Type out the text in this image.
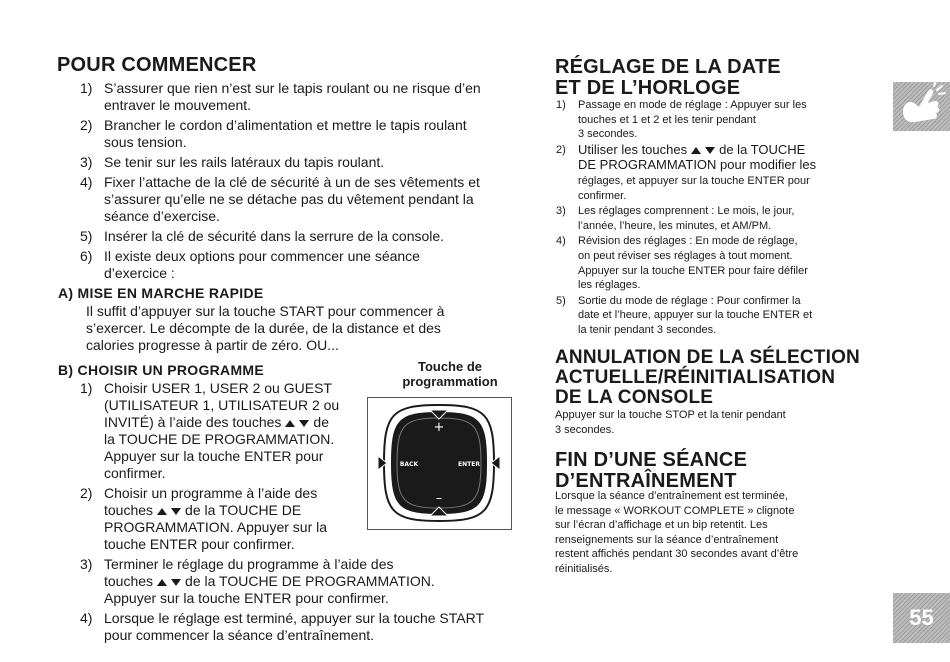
POUR COMMENCER
1) S’assurer que rien n’est sur le tapis roulant ou ne risque d’en
entraver le mouvement.
2) Brancher le cordon d’alimentation et mettre le tapis roulant
sous tension.
3) Se tenir sur les rails latéraux du tapis roulant.
4) Fixer l’attache de la clé de sécurité à un de ses vêtements et
s’assurer qu’elle ne se détache pas du vêtement pendant la
séance d’exercise.
5) Insérer la clé de sécurité dans la serrure de la console.
6) Il existe deux options pour commencer une séance
d’exercice :
A) MISE EN MARCHE RAPIDE
Il suffit d’appuyer sur la touche START pour commencer à
s’exercer. Le décompte de la durée, de la distance et des
calories progresse à partir de zéro. OU...
B) CHOISIR UN PROGRAMME	Touche de
programmation
+
–
BACK	ENTER
1) Choisir USER 1, USER 2 ou GUEST
(UTILISATEUR 1, UTILISATEUR 2 ou
INVITÉ) à l’aide des touches de
la TOUCHE DE PROGRAMMATION.
Appuyer sur la touche ENTER pour
confirmer.
2) Choisir un programme à l’aide des
touches de la TOUCHE DE
PROGRAMMATION. Appuyer sur la
touche ENTER pour confirmer.
3) Terminer le réglage du programme à l’aide des
touches de la TOUCHE DE PROGRAMMATION.
Appuyer sur la touche ENTER pour confirmer.
4) Lorsque le réglage est terminé, appuyer sur la touche START
pour commencer la séance d’entraînement.
RÉGLAGE DE LA DATE
ET DE L’HORLOGE
1) Passage en mode de réglage : Appuyer sur les
touches et 1 et 2 et les tenir pendant
3 secondes.
2) Utiliser les touches de la TOUCHE
DE PROGRAMMATION pour modifier les
réglages, et appuyer sur la touche ENTER pour
confirmer.
3) Les réglages comprennent : Le mois, le jour,
l’année, l’heure, les minutes, et AM/PM.
4) Révision des réglages : En mode de réglage,
on peut réviser ses réglages à tout moment.
Appuyer sur la touche ENTER pour faire défiler
les réglages.
5) Sortie du mode de réglage : Pour confirmer la
date et l’heure, appuyer sur la touche ENTER et
la tenir pendant 3 secondes.
ANNULATION DE LA SÉLECTION
ACTUELLE/RÉINITIALISATION
DE LA CONSOLE
Appuyer sur la touche STOP et la tenir pendant
3 secondes.
FIN D’UNE SÉANCE
D’ENTRAÎNEMENT
Lorsque la séance d’entraînement est terminée,
le message « WORKOUT COMPLETE » clignote
sur l’écran d’affichage et un bip retentit. Les
renseignements sur la séance d’entraînement
restent affichés pendant 30 secondes avant d’être
réinitialisés.
55
